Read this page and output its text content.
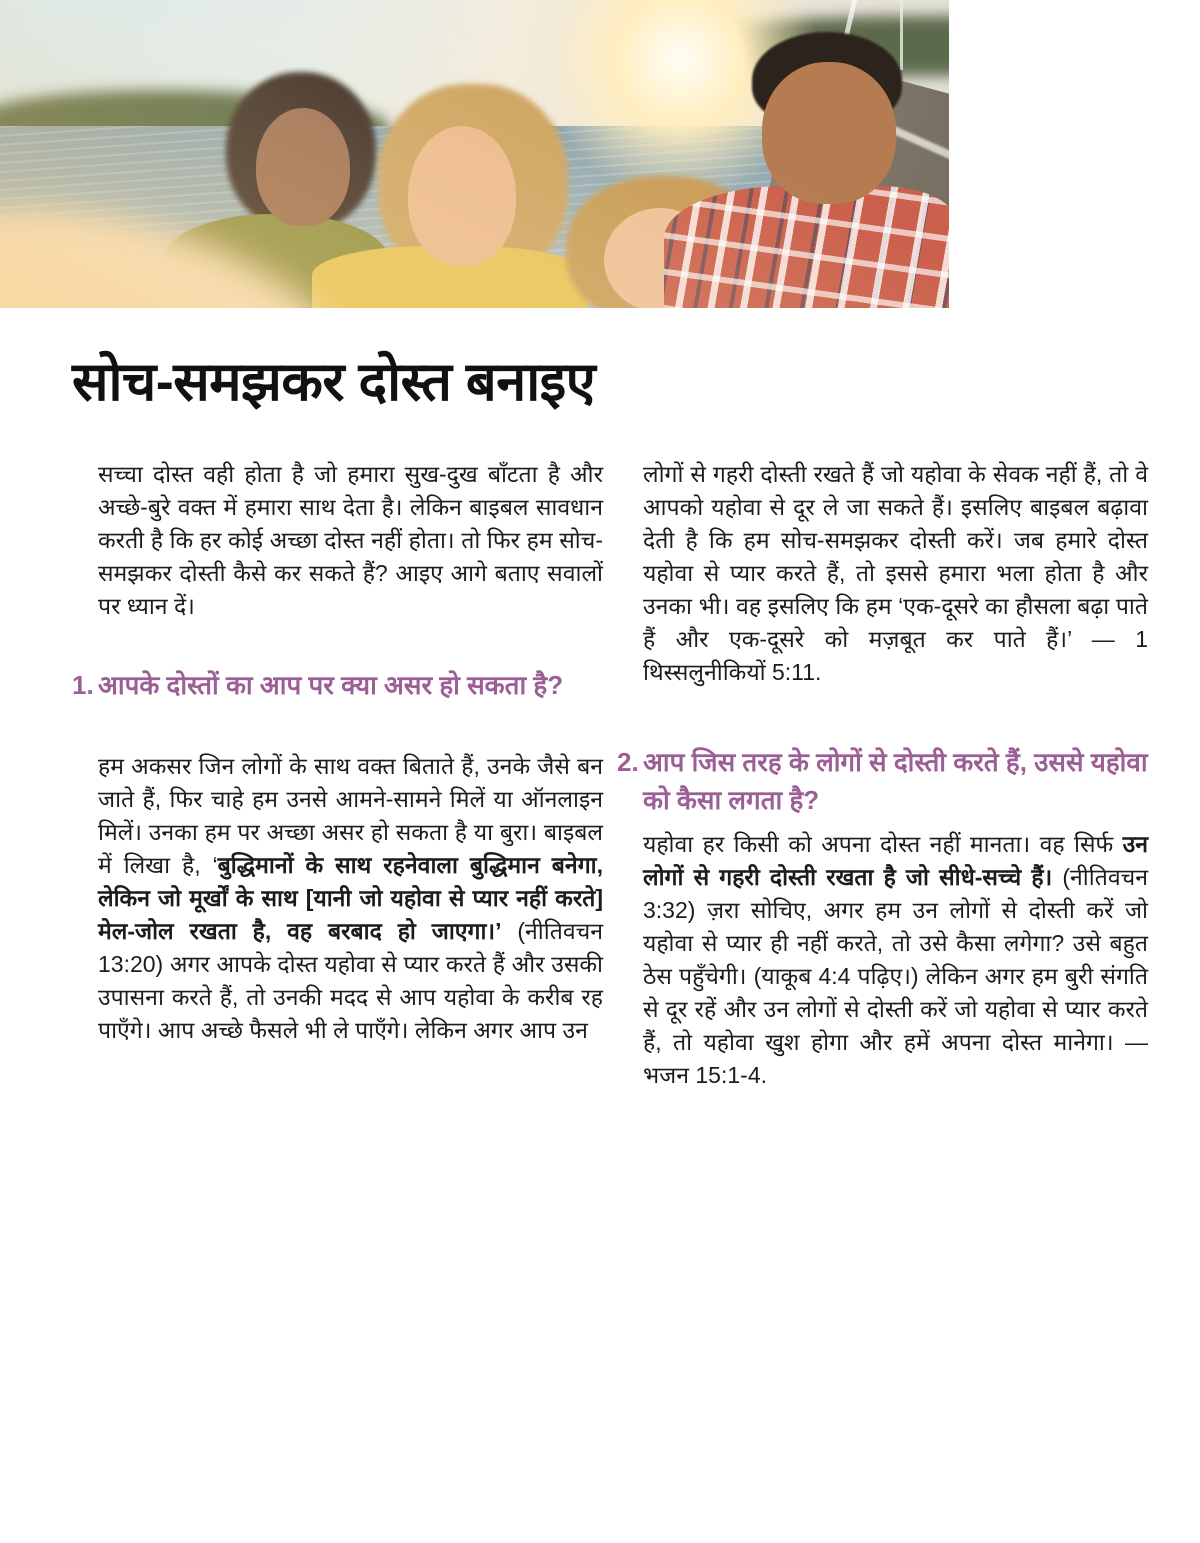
48
सोच-समझकर दोस्त बनाइए

सच्चा दोस्त वही होता है जो हमारा सुख-दुख बाँटता है और अच्छे-बुरे वक्त में हमारा साथ देता है। लेकिन बाइबल सावधान करती है कि हर कोई अच्छा दोस्त नहीं होता। तो फिर हम सोच-समझकर दोस्ती कैसे कर सकते हैं? आइए आगे बताए सवालों पर ध्यान दें।

1. आपके दोस्तों का आप पर क्या असर हो सकता है?

हम अकसर जिन लोगों के साथ वक्त बिताते हैं, उनके जैसे बन जाते हैं, फिर चाहे हम उनसे आमने-सामने मिलें या ऑनलाइन मिलें। उनका हम पर अच्छा असर हो सकता है या बुरा। बाइबल में लिखा है, ‘बुद्धिमानों के साथ रहनेवाला बुद्धिमान बनेगा, लेकिन जो मूर्खों के साथ [यानी जो यहोवा से प्यार नहीं करते] मेल-जोल रखता है, वह बरबाद हो जाएगा।’ (नीतिवचन 13:20) अगर आपके दोस्त यहोवा से प्यार करते हैं और उसकी उपासना करते हैं, तो उनकी मदद से आप यहोवा के करीब रह पाएँगे। आप अच्छे फैसले भी ले पाएँगे। लेकिन अगर आप उन

लोगों से गहरी दोस्ती रखते हैं जो यहोवा के सेवक नहीं हैं, तो वे आपको यहोवा से दूर ले जा सकते हैं। इसलिए बाइबल बढ़ावा देती है कि हम सोच-समझकर दोस्ती करें। जब हमारे दोस्त यहोवा से प्यार करते हैं, तो इससे हमारा भला होता है और उनका भी। वह इसलिए कि हम ‘एक-दूसरे का हौसला बढ़ा पाते हैं और एक-दूसरे को मज़बूत कर पाते हैं।’ — 1 थिस्सलुनीकियों 5:11.

2. आप जिस तरह के लोगों से दोस्ती करते हैं, उससे यहोवा को कैसा लगता है?

यहोवा हर किसी को अपना दोस्त नहीं मानता। वह सिर्फ उन लोगों से गहरी दोस्ती रखता है जो सीधे-सच्चे हैं। (नीतिवचन 3:32) ज़रा सोचिए, अगर हम उन लोगों से दोस्ती करें जो यहोवा से प्यार ही नहीं करते, तो उसे कैसा लगेगा? उसे बहुत ठेस पहुँचेगी। (याकूब 4:4 पढ़िए।) लेकिन अगर हम बुरी संगति से दूर रहें और उन लोगों से दोस्ती करें जो यहोवा से प्यार करते हैं, तो यहोवा खुश होगा और हमें अपना दोस्त मानेगा। — भजन 15:1-4.
